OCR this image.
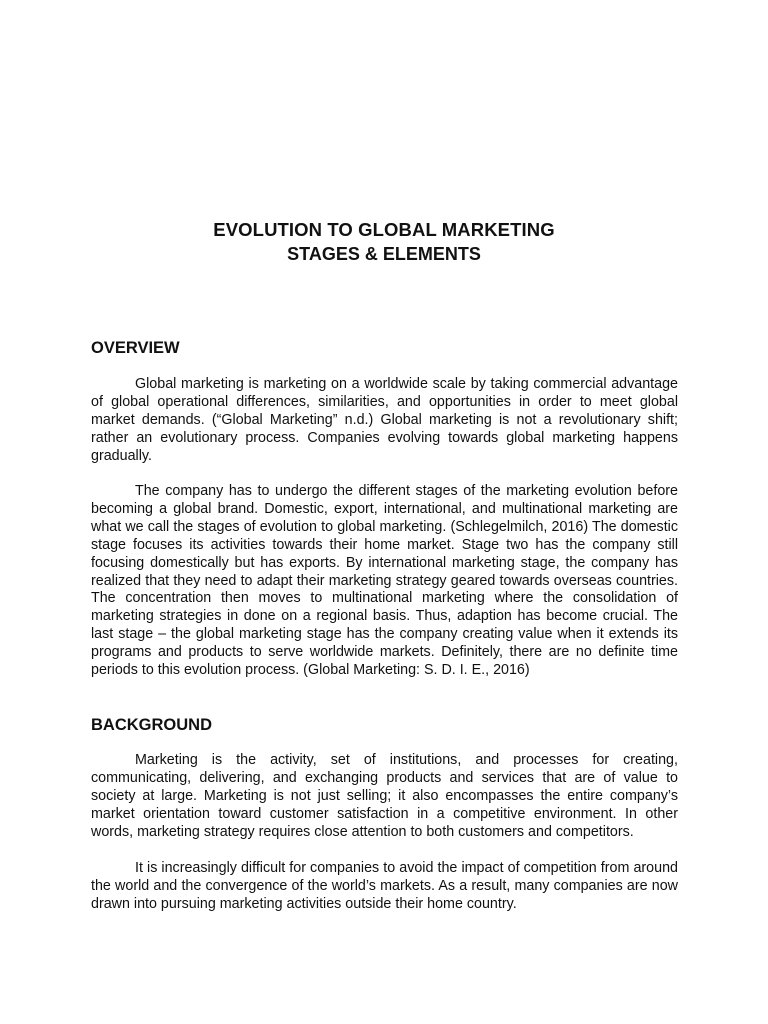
EVOLUTION TO GLOBAL MARKETING
STAGES & ELEMENTS
OVERVIEW

Global marketing is marketing on a worldwide scale by taking commercial advantage of global operational differences, similarities, and opportunities in order to meet global market demands. (“Global Marketing” n.d.) Global marketing is not a revolutionary shift; rather an evolutionary process. Companies evolving towards global marketing happens gradually.

The company has to undergo the different stages of the marketing evolution before becoming a global brand. Domestic, export, international, and multinational marketing are what we call the stages of evolution to global marketing. (Schlegelmilch, 2016) The domestic stage focuses its activities towards their home market. Stage two has the company still focusing domestically but has exports. By international marketing stage, the company has realized that they need to adapt their marketing strategy geared towards overseas countries. The concentration then moves to multinational marketing where the consolidation of marketing strategies in done on a regional basis. Thus, adaption has become crucial. The last stage – the global marketing stage has the company creating value when it extends its programs and products to serve worldwide markets. Definitely, there are no definite time periods to this evolution process. (Global Marketing: S. D. I. E., 2016)

BACKGROUND

Marketing is the activity, set of institutions, and processes for creating, communicating, delivering, and exchanging products and services that are of value to society at large. Marketing is not just selling; it also encompasses the entire company’s market orientation toward customer satisfaction in a competitive environment. In other words, marketing strategy requires close attention to both customers and competitors.

It is increasingly difficult for companies to avoid the impact of competition from around the world and the convergence of the world’s markets. As a result, many companies are now drawn into pursuing marketing activities outside their home country.
